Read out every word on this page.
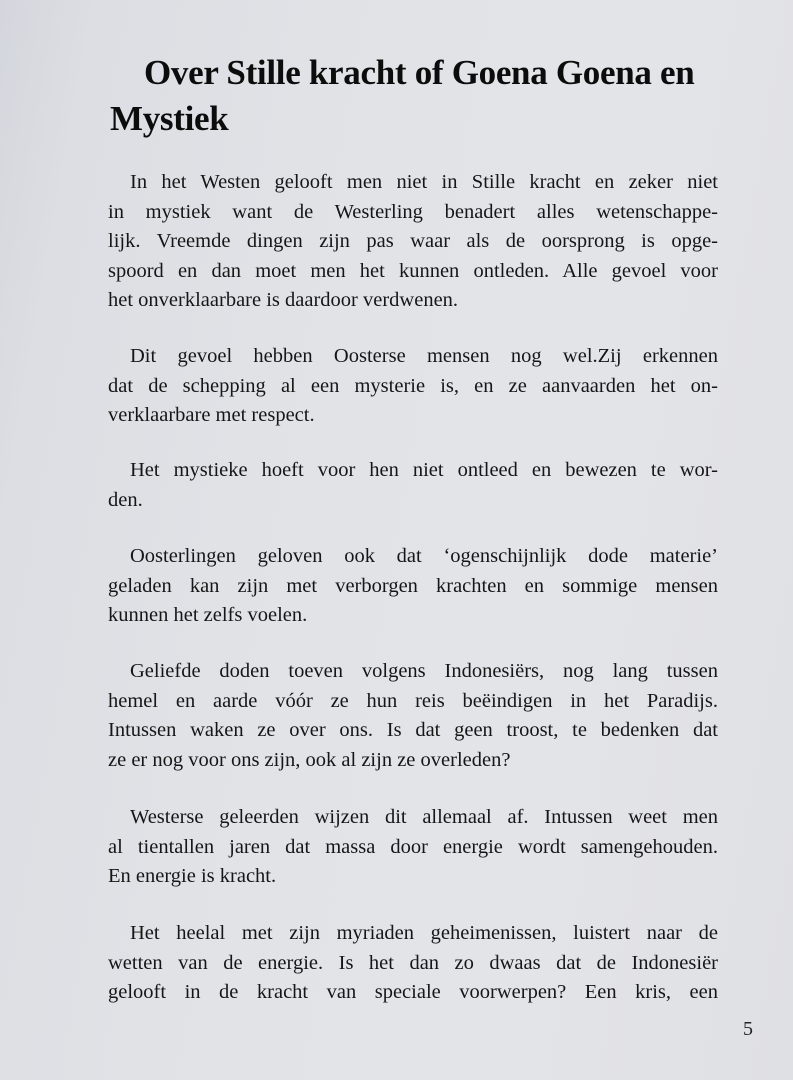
Over Stille kracht of Goena Goena en
Mystiek

In het Westen gelooft men niet in Stille kracht en zeker niet
in mystiek want de Westerling benadert alles wetenschappe-
lijk. Vreemde dingen zijn pas waar als de oorsprong is opge-
spoord en dan moet men het kunnen ontleden. Alle gevoel voor
het onverklaarbare is daardoor verdwenen.

Dit gevoel hebben Oosterse mensen nog wel.Zij erkennen
dat de schepping al een mysterie is, en ze aanvaarden het on-
verklaarbare met respect.

Het mystieke hoeft voor hen niet ontleed en bewezen te wor-
den.

Oosterlingen geloven ook dat ‘ogenschijnlijk dode materie’
geladen kan zijn met verborgen krachten en sommige mensen
kunnen het zelfs voelen.

Geliefde doden toeven volgens Indonesiërs, nog lang tussen
hemel en aarde vóór ze hun reis beëindigen in het Paradijs.
Intussen waken ze over ons. Is dat geen troost, te bedenken dat
ze er nog voor ons zijn, ook al zijn ze overleden?

Westerse geleerden wijzen dit allemaal af. Intussen weet men
al tientallen jaren dat massa door energie wordt samengehouden.
En energie is kracht.

Het heelal met zijn myriaden geheimenissen, luistert naar de
wetten van de energie. Is het dan zo dwaas dat de Indonesiër
gelooft in de kracht van speciale voorwerpen? Een kris, een

5
